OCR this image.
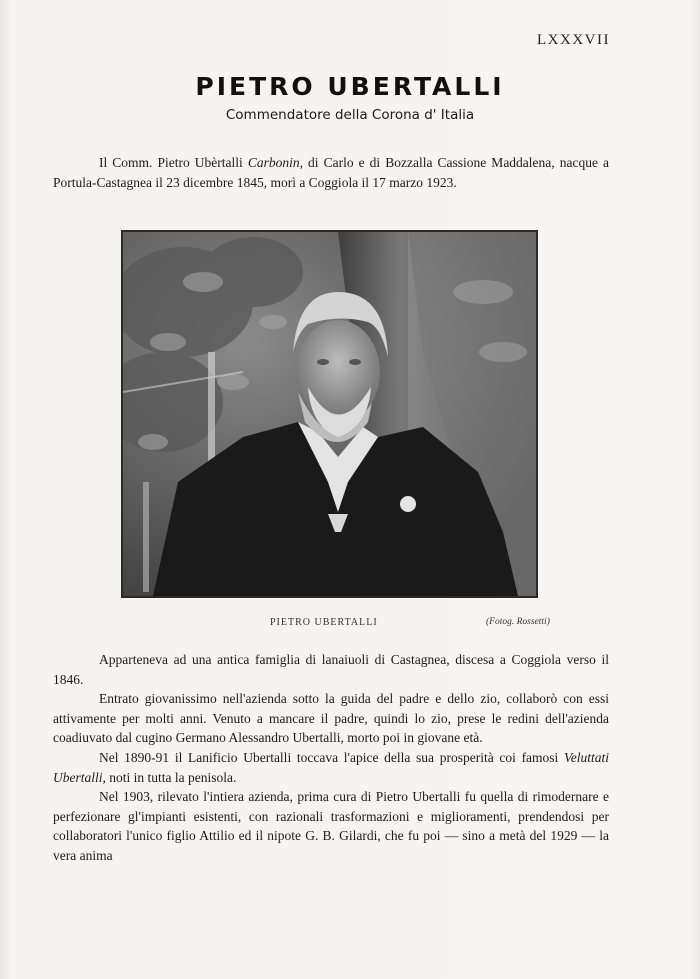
LXXXVII
PIETRO UBERTALLI
Commendatore della Corona d' Italia

Il Comm. Pietro Ubèrtalli Carbonin, di Carlo e di Bozzalla Cassione Maddalena, nacque a Portula-Castagnea il 23 dicembre 1845, morì a Coggiola il 17 marzo 1923.

PIETRO UBERTALLI	(Fotog. Rossetti)

Apparteneva ad una antica famiglia di lanaiuoli di Castagnea, discesa a Coggiola verso il 1846.

Entrato giovanissimo nell'azienda sotto la guida del padre e dello zio, collaborò con essi attivamente per molti anni. Venuto a mancare il padre, quindi lo zio, prese le redini dell'azienda coadiuvato dal cugino Germano Alessandro Ubertalli, morto poi in giovane età.

Nel 1890-91 il Lanificio Ubertalli toccava l'apice della sua prosperità coi famosi Veluttati Ubertalli, noti in tutta la penisola.

Nel 1903, rilevato l'intiera azienda, prima cura di Pietro Ubertalli fu quella di rimodernare e perfezionare gl'impianti esistenti, con razionali trasformazioni e miglioramenti, prendendosi per collaboratori l'unico figlio Attilio ed il nipote G. B. Gilardi, che fu poi — sino a metà del 1929 — la vera anima
